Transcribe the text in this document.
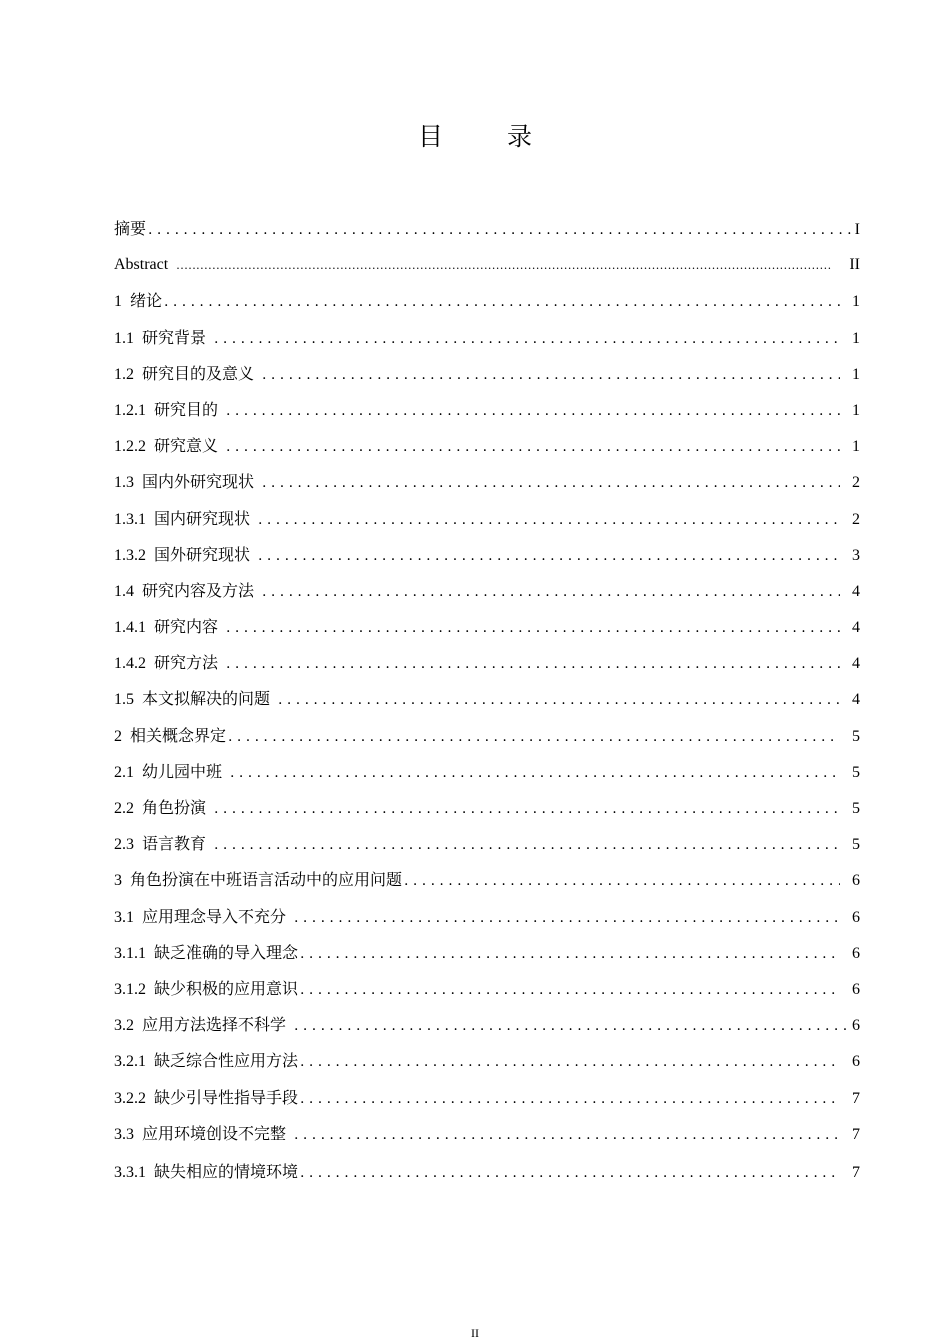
目 录
摘要 .....	I
Abstract .....	II
1 绪论 .....	1
1.1 研究背景 .....	1
1.2 研究目的及意义 .....	1
1.2.1 研究目的 .....	1
1.2.2 研究意义 .....	1
1.3 国内外研究现状 .....	2
1.3.1 国内研究现状 .....	2
1.3.2 国外研究现状 .....	3
1.4 研究内容及方法 .....	4
1.4.1 研究内容 .....	4
1.4.2 研究方法 .....	4
1.5 本文拟解决的问题 .....	4
2 相关概念界定 .....	5
2.1 幼儿园中班 .....	5
2.2 角色扮演 .....	5
2.3 语言教育 .....	5
3 角色扮演在中班语言活动中的应用问题 .....	6
3.1 应用理念导入不充分 .....	6
3.1.1 缺乏准确的导入理念 .....	6
3.1.2 缺少积极的应用意识 .....	6
3.2 应用方法选择不科学 .....	6
3.2.1 缺乏综合性应用方法 .....	6
3.2.2 缺少引导性指导手段 .....	7
3.3 应用环境创设不完整 .....	7
3.3.1 缺失相应的情境环境 .....	7
II
